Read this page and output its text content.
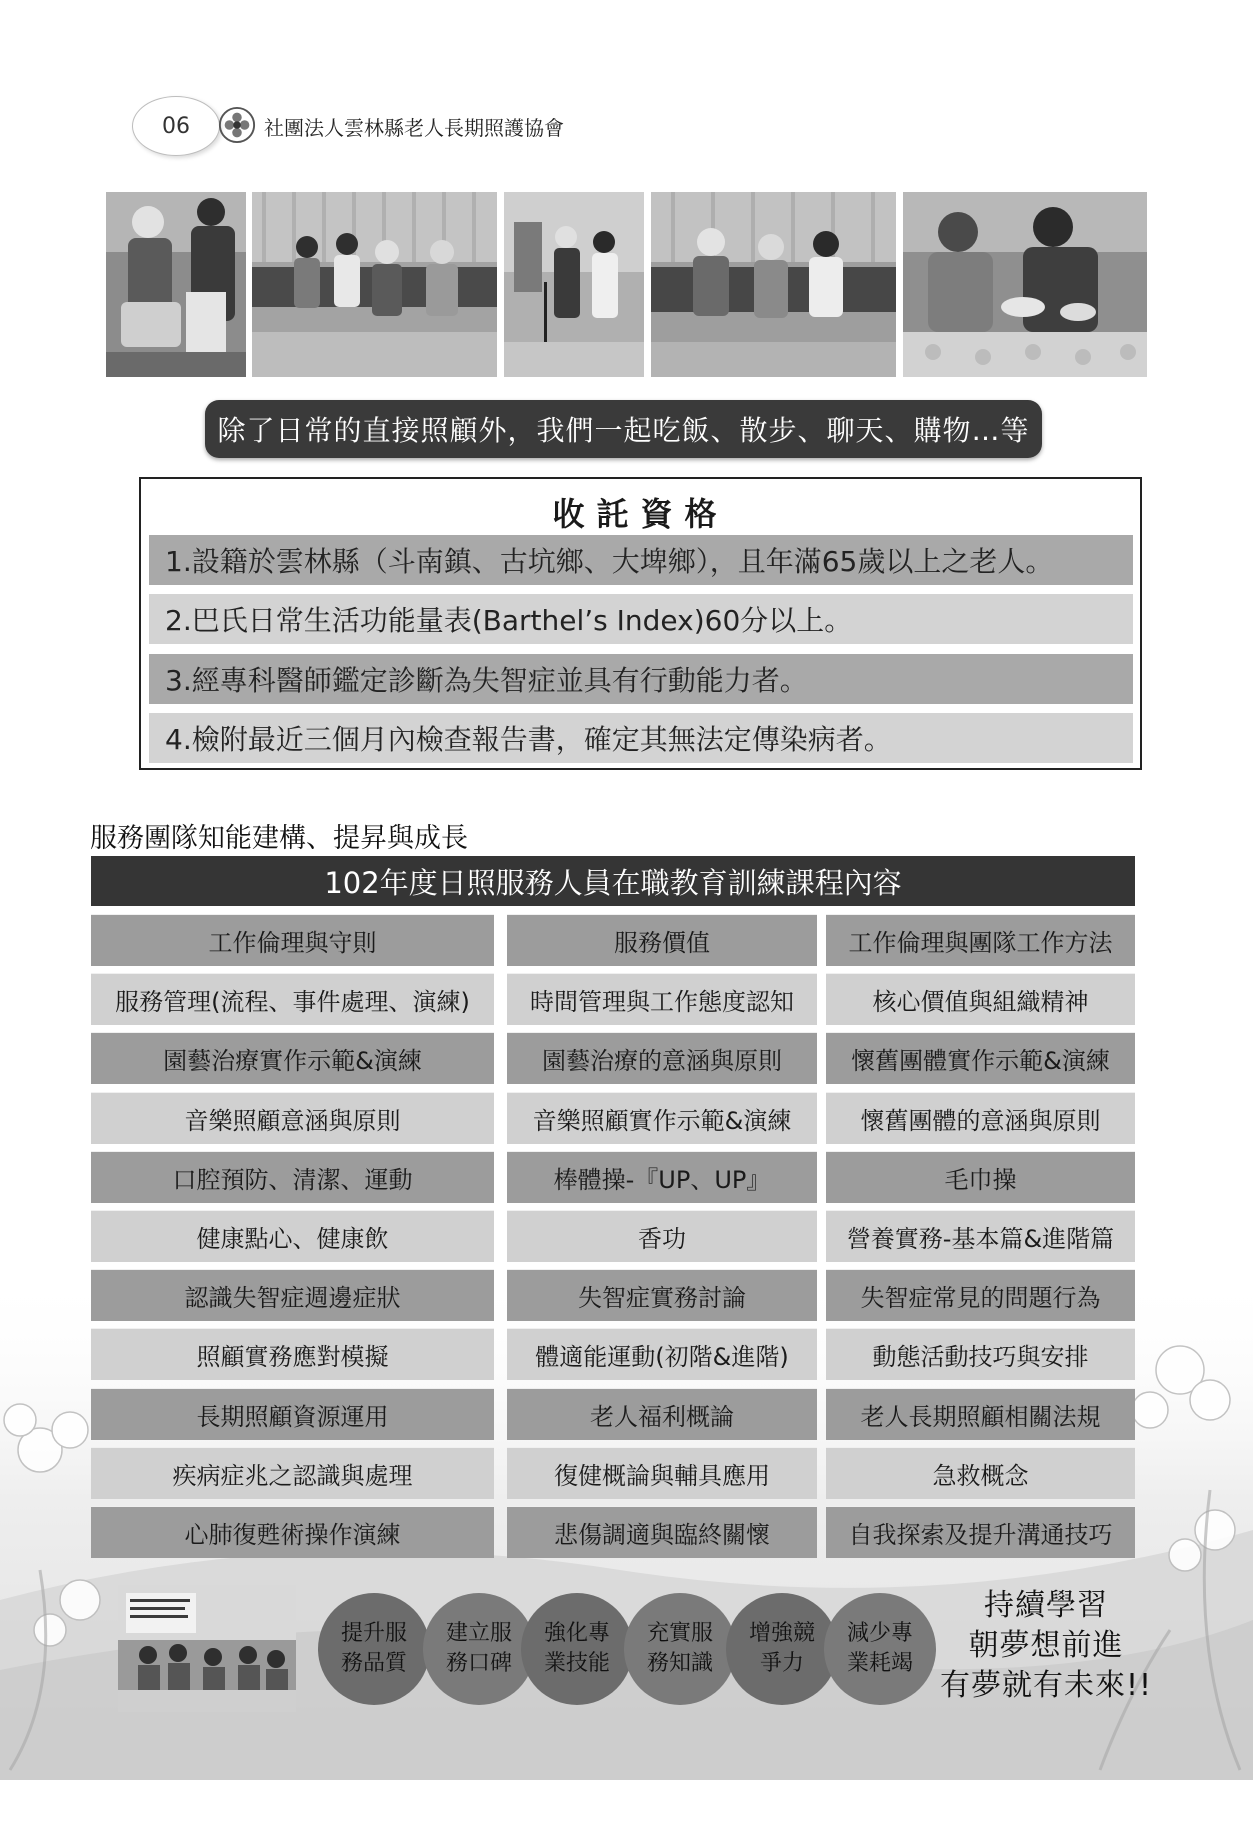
06	社團法人雲林縣老人長期照護協會
除了日常的直接照顧外，我們一起吃飯、散步、聊天、購物…等
收託資格
1.設籍於雲林縣（斗南鎮、古坑鄉、大埤鄉），且年滿65歲以上之老人。
2.巴氏日常生活功能量表(Barthel’s Index)60分以上。
3.經專科醫師鑑定診斷為失智症並具有行動能力者。
4.檢附最近三個月內檢查報告書，確定其無法定傳染病者。
服務團隊知能建構、提昇與成長
102年度日照服務人員在職教育訓練課程內容
工作倫理與守則	服務價值	工作倫理與團隊工作方法
服務管理(流程、事件處理、演練)	時間管理與工作態度認知	核心價值與組織精神
園藝治療實作示範&演練	園藝治療的意涵與原則	懷舊團體實作示範&演練
音樂照顧意涵與原則	音樂照顧實作示範&演練	懷舊團體的意涵與原則
口腔預防、清潔、運動	棒體操-『UP、UP』	毛巾操
健康點心、健康飲	香功	營養實務-基本篇&進階篇
認識失智症週邊症狀	失智症實務討論	失智症常見的問題行為
照顧實務應對模擬	體適能運動(初階&進階)	動態活動技巧與安排
長期照顧資源運用	老人福利概論	老人長期照顧相關法規
疾病症兆之認識與處理	復健概論與輔具應用	急救概念
心肺復甦術操作演練	悲傷調適與臨終關懷	自我探索及提升溝通技巧
提升服
務品質
建立服
務口碑
強化專
業技能
充實服
務知識
增強競
爭力
減少專
業耗竭
持續學習
朝夢想前進
有夢就有未來!!
